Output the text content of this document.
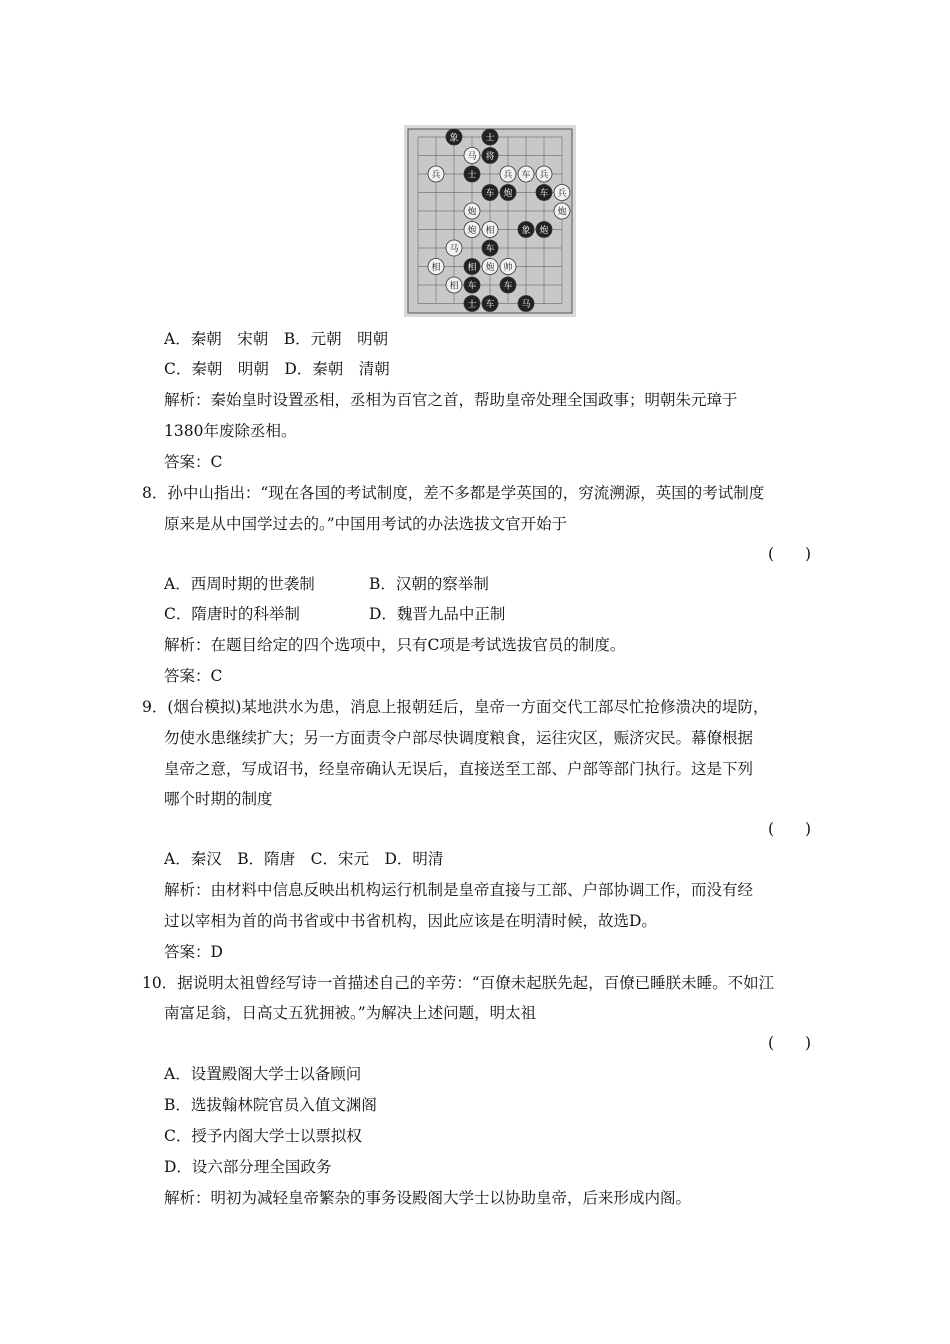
象	士
将
士
车 炮	车
象 炮
车
相
车	车
士 车	马
马
兵	兵 车 兵
兵
炮
炮
炮 相
马
相	炮 帅
相
A．秦朝　宋朝　B．元朝　明朝
C．秦朝　明朝　D．秦朝　清朝
解析：秦始皇时设置丞相，丞相为百官之首，帮助皇帝处理全国政事；明朝朱元璋于
1380年废除丞相。
答案：C
8．孙中山指出：“现在各国的考试制度，差不多都是学英国的，穷流溯源，英国的考试制度
原来是从中国学过去的。”中国用考试的办法选拔文官开始于
(　　)
A．西周时期的世袭制	B．汉朝的察举制
C．隋唐时的科举制	D．魏晋九品中正制
解析：在题目给定的四个选项中，只有C项是考试选拔官员的制度。
答案：C
9．(烟台模拟)某地洪水为患，消息上报朝廷后，皇帝一方面交代工部尽忙抢修溃决的堤防，
勿使水患继续扩大；另一方面责令户部尽快调度粮食，运往灾区，赈济灾民。幕僚根据
皇帝之意，写成诏书，经皇帝确认无误后，直接送至工部、户部等部门执行。这是下列
哪个时期的制度
(　　)
A．秦汉　B．隋唐　C．宋元　D．明清
解析：由材料中信息反映出机构运行机制是皇帝直接与工部、户部协调工作，而没有经
过以宰相为首的尚书省或中书省机构，因此应该是在明清时候，故选D。
答案：D
10．据说明太祖曾经写诗一首描述自己的辛劳：“百僚未起朕先起，百僚已睡朕未睡。不如江
南富足翁，日高丈五犹拥被。”为解决上述问题，明太祖
(　　)
A．设置殿阁大学士以备顾问
B．选拔翰林院官员入值文渊阁
C．授予内阁大学士以票拟权
D．设六部分理全国政务
解析：明初为减轻皇帝繁杂的事务设殿阁大学士以协助皇帝，后来形成内阁。
